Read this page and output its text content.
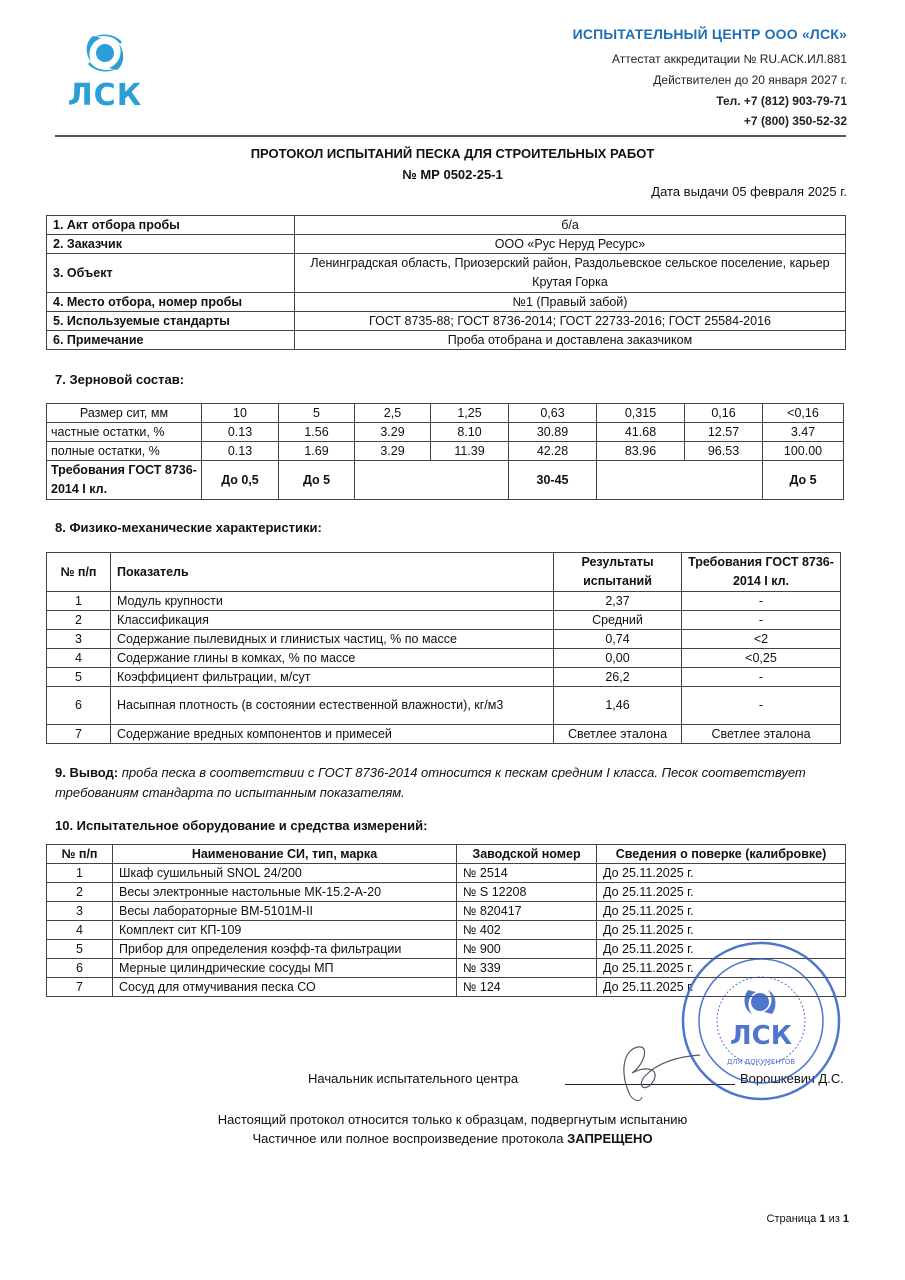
ЛСК
ИСПЫТАТЕЛЬНЫЙ ЦЕНТР ООО «ЛСК»
Аттестат аккредитации № RU.АСК.ИЛ.881
Действителен до 20 января 2027 г.
Тел. +7 (812) 903-79-71
+7 (800) 350-52-32
ПРОТОКОЛ ИСПЫТАНИЙ ПЕСКА ДЛЯ СТРОИТЕЛЬНЫХ РАБОТ
№ МР 0502-25-1
Дата выдачи 05 февраля 2025 г.
1. Акт отбора пробы	б/а
2. Заказчик	ООО «Рус Неруд Ресурс»
3. Объект	Ленинградская область, Приозерский район, Раздольевское сельское поселение, карьер Крутая Горка
4. Место отбора, номер пробы	№1 (Правый забой)
5. Используемые стандарты	ГОСТ 8735-88; ГОСТ 8736-2014; ГОСТ 22733-2016; ГОСТ 25584-2016
6. Примечание	Проба отобрана и доставлена заказчиком
7. Зерновой состав:
Размер сит, мм	10	5	2,5	1,25	0,63	0,315	0,16	<0,16
частные остатки, %	0.13	1.56	3.29	8.10	30.89	41.68	12.57	3.47
полные остатки, %	0.13	1.69	3.29	11.39	42.28	83.96	96.53	100.00
Требования ГОСТ 8736-2014 I кл.	До 0,5	До 5			30-45			До 5
8. Физико-механические характеристики:
№ п/п	Показатель	Результаты испытаний	Требования ГОСТ 8736-2014 I кл.
1	Модуль крупности	2,37	-
2	Классификация	Средний	-
3	Содержание пылевидных и глинистых частиц, % по массе	0,74	<2
4	Содержание глины в комках, % по массе	0,00	<0,25
5	Коэффициент фильтрации, м/сут	26,2	-
6	Насыпная плотность (в состоянии естественной влажности), кг/м3	1,46	-
7	Содержание вредных компонентов и примесей	Светлее эталона	Светлее эталона
9. Вывод: проба песка в соответствии с ГОСТ 8736-2014 относится к пескам средним I класса. Песок соответствует требованиям стандарта по испытанным показателям.
10. Испытательное оборудование и средства измерений:
№ п/п	Наименование СИ, тип, марка	Заводской номер	Сведения о поверке (калибровке)
1	Шкаф сушильный SNOL 24/200	№ 2514	До 25.11.2025 г.
2	Весы электронные настольные МК-15.2-А-20	№ S 12208	До 25.11.2025 г.
3	Весы лабораторные ВМ-5101М-II	№ 820417	До 25.11.2025 г.
4	Комплект сит КП-109	№ 402	До 25.11.2025 г.
5	Прибор для определения коэфф-та фильтрации	№ 900	До 25.11.2025 г.
6	Мерные цилиндрические сосуды МП	№ 339	До 25.11.2025 г.
7	Сосуд для отмучивания песка СО	№ 124	До 25.11.2025 г.
Начальник испытательного центра	Ворошкевич Д.С.
ЛСК
ДЛЯ ДОКУМЕНТОВ
Настоящий протокол относится только к образцам, подвергнутым испытанию
Частичное или полное воспроизведение протокола ЗАПРЕЩЕНО
Страница 1 из 1
